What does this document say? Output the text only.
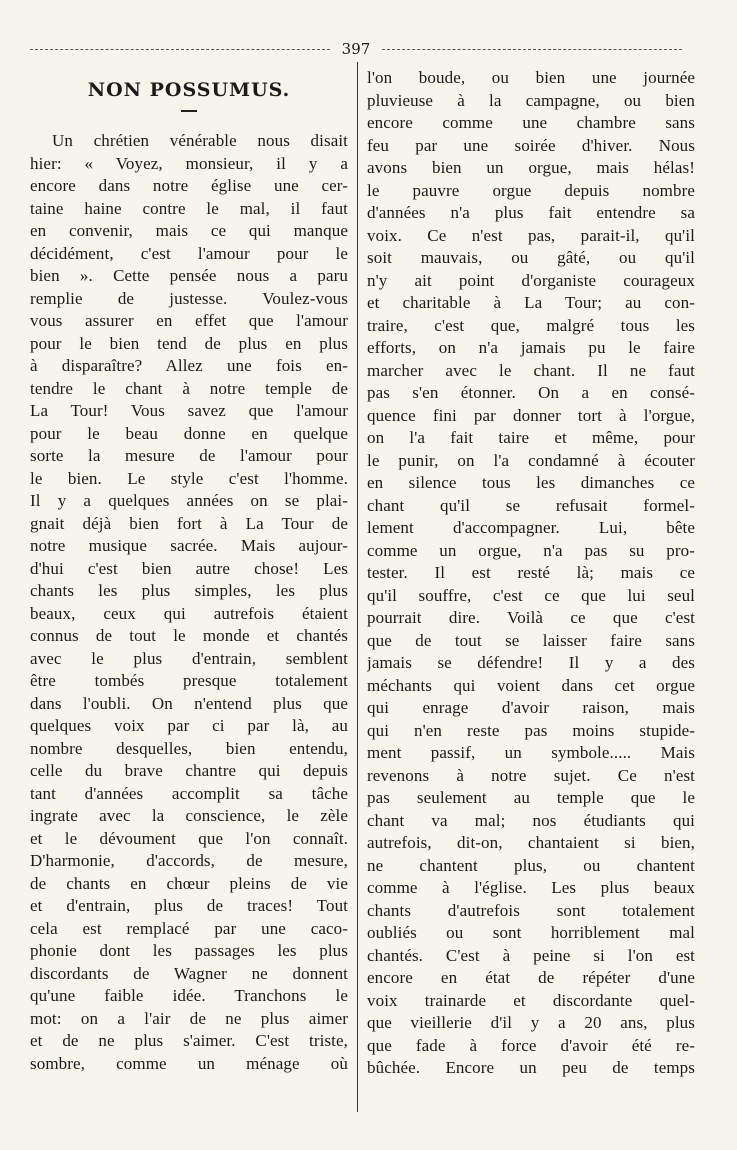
397
NON POSSUMUS.
Un chrétien vénérable nous disait
hier: « Voyez, monsieur, il y a
encore dans notre église une cer-
taine haine contre le mal, il faut
en convenir, mais ce qui manque
décidément, c'est l'amour pour le
bien ». Cette pensée nous a paru
remplie de justesse. Voulez-vous
vous assurer en effet que l'amour
pour le bien tend de plus en plus
à disparaître? Allez une fois en-
tendre le chant à notre temple de
La Tour! Vous savez que l'amour
pour le beau donne en quelque
sorte la mesure de l'amour pour
le bien. Le style c'est l'homme.
Il y a quelques années on se plai-
gnait déjà bien fort à La Tour de
notre musique sacrée. Mais aujour-
d'hui c'est bien autre chose! Les
chants les plus simples, les plus
beaux, ceux qui autrefois étaient
connus de tout le monde et chantés
avec le plus d'entrain, semblent
être tombés presque totalement
dans l'oubli. On n'entend plus que
quelques voix par ci par là, au
nombre desquelles, bien entendu,
celle du brave chantre qui depuis
tant d'années accomplit sa tâche
ingrate avec la conscience, le zèle
et le dévoument que l'on connaît.
D'harmonie, d'accords, de mesure,
de chants en chœur pleins de vie
et d'entrain, plus de traces! Tout
cela est remplacé par une caco-
phonie dont les passages les plus
discordants de Wagner ne donnent
qu'une faible idée. Tranchons le
mot: on a l'air de ne plus aimer
et de ne plus s'aimer. C'est triste,
sombre, comme un ménage où
l'on boude, ou bien une journée
pluvieuse à la campagne, ou bien
encore comme une chambre sans
feu par une soirée d'hiver. Nous
avons bien un orgue, mais hélas!
le pauvre orgue depuis nombre
d'années n'a plus fait entendre sa
voix. Ce n'est pas, parait-il, qu'il
soit mauvais, ou gâté, ou qu'il
n'y ait point d'organiste courageux
et charitable à La Tour; au con-
traire, c'est que, malgré tous les
efforts, on n'a jamais pu le faire
marcher avec le chant. Il ne faut
pas s'en étonner. On a en consé-
quence fini par donner tort à l'orgue,
on l'a fait taire et même, pour
le punir, on l'a condamné à écouter
en silence tous les dimanches ce
chant qu'il se refusait formel-
lement d'accompagner. Lui, bête
comme un orgue, n'a pas su pro-
tester. Il est resté là; mais ce
qu'il souffre, c'est ce que lui seul
pourrait dire. Voilà ce que c'est
que de tout se laisser faire sans
jamais se défendre! Il y a des
méchants qui voient dans cet orgue
qui enrage d'avoir raison, mais
qui n'en reste pas moins stupide-
ment passif, un symbole..... Mais
revenons à notre sujet. Ce n'est
pas seulement au temple que le
chant va mal; nos étudiants qui
autrefois, dit-on, chantaient si bien,
ne chantent plus, ou chantent
comme à l'église. Les plus beaux
chants d'autrefois sont totalement
oubliés ou sont horriblement mal
chantés. C'est à peine si l'on est
encore en état de répéter d'une
voix trainarde et discordante quel-
que vieillerie d'il y a 20 ans, plus
que fade à force d'avoir été re-
bûchée. Encore un peu de temps
